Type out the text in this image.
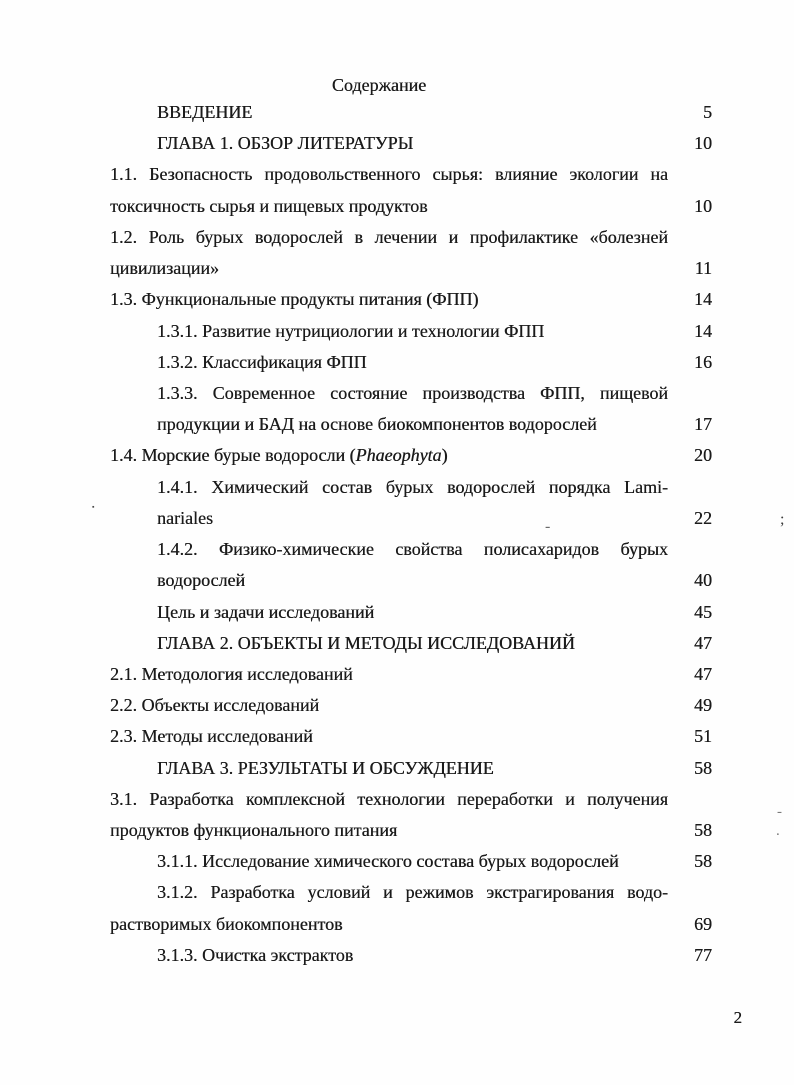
Содержание
ВВЕДЕНИЕ	5
ГЛАВА 1. ОБЗОР ЛИТЕРАТУРЫ	10
1.1. Безопасность продовольственного сырья: влияние экологии на
токсичность сырья и пищевых продуктов	10
1.2. Роль бурых водорослей в лечении и профилактике «болезней
цивилизации»	11
1.3. Функциональные продукты питания (ФПП)	14
1.3.1. Развитие нутрициологии и технологии ФПП	14
1.3.2. Классификация ФПП	16
1.3.3. Современное состояние производства ФПП, пищевой
продукции и БАД на основе биокомпонентов водорослей	17
1.4. Морские бурые водоросли (Phaeophyta)	20
1.4.1. Химический состав бурых водорослей порядка Lami-
nariales	22
1.4.2. Физико-химические свойства полисахаридов бурых
водорослей	40
Цель и задачи исследований	45
ГЛАВА 2. ОБЪЕКТЫ И МЕТОДЫ ИССЛЕДОВАНИЙ	47
2.1. Методология исследований	47
2.2. Объекты исследований	49
2.3. Методы исследований	51
ГЛАВА 3. РЕЗУЛЬТАТЫ И ОБСУЖДЕНИЕ	58
3.1. Разработка комплексной технологии переработки и получения
продуктов функционального питания	58
3.1.1. Исследование химического состава бурых водорослей	58
3.1.2. Разработка условий и режимов экстрагирования водо-
растворимых биокомпонентов	69
3.1.3. Очистка экстрактов	77
2
▪
;
-
-
.
